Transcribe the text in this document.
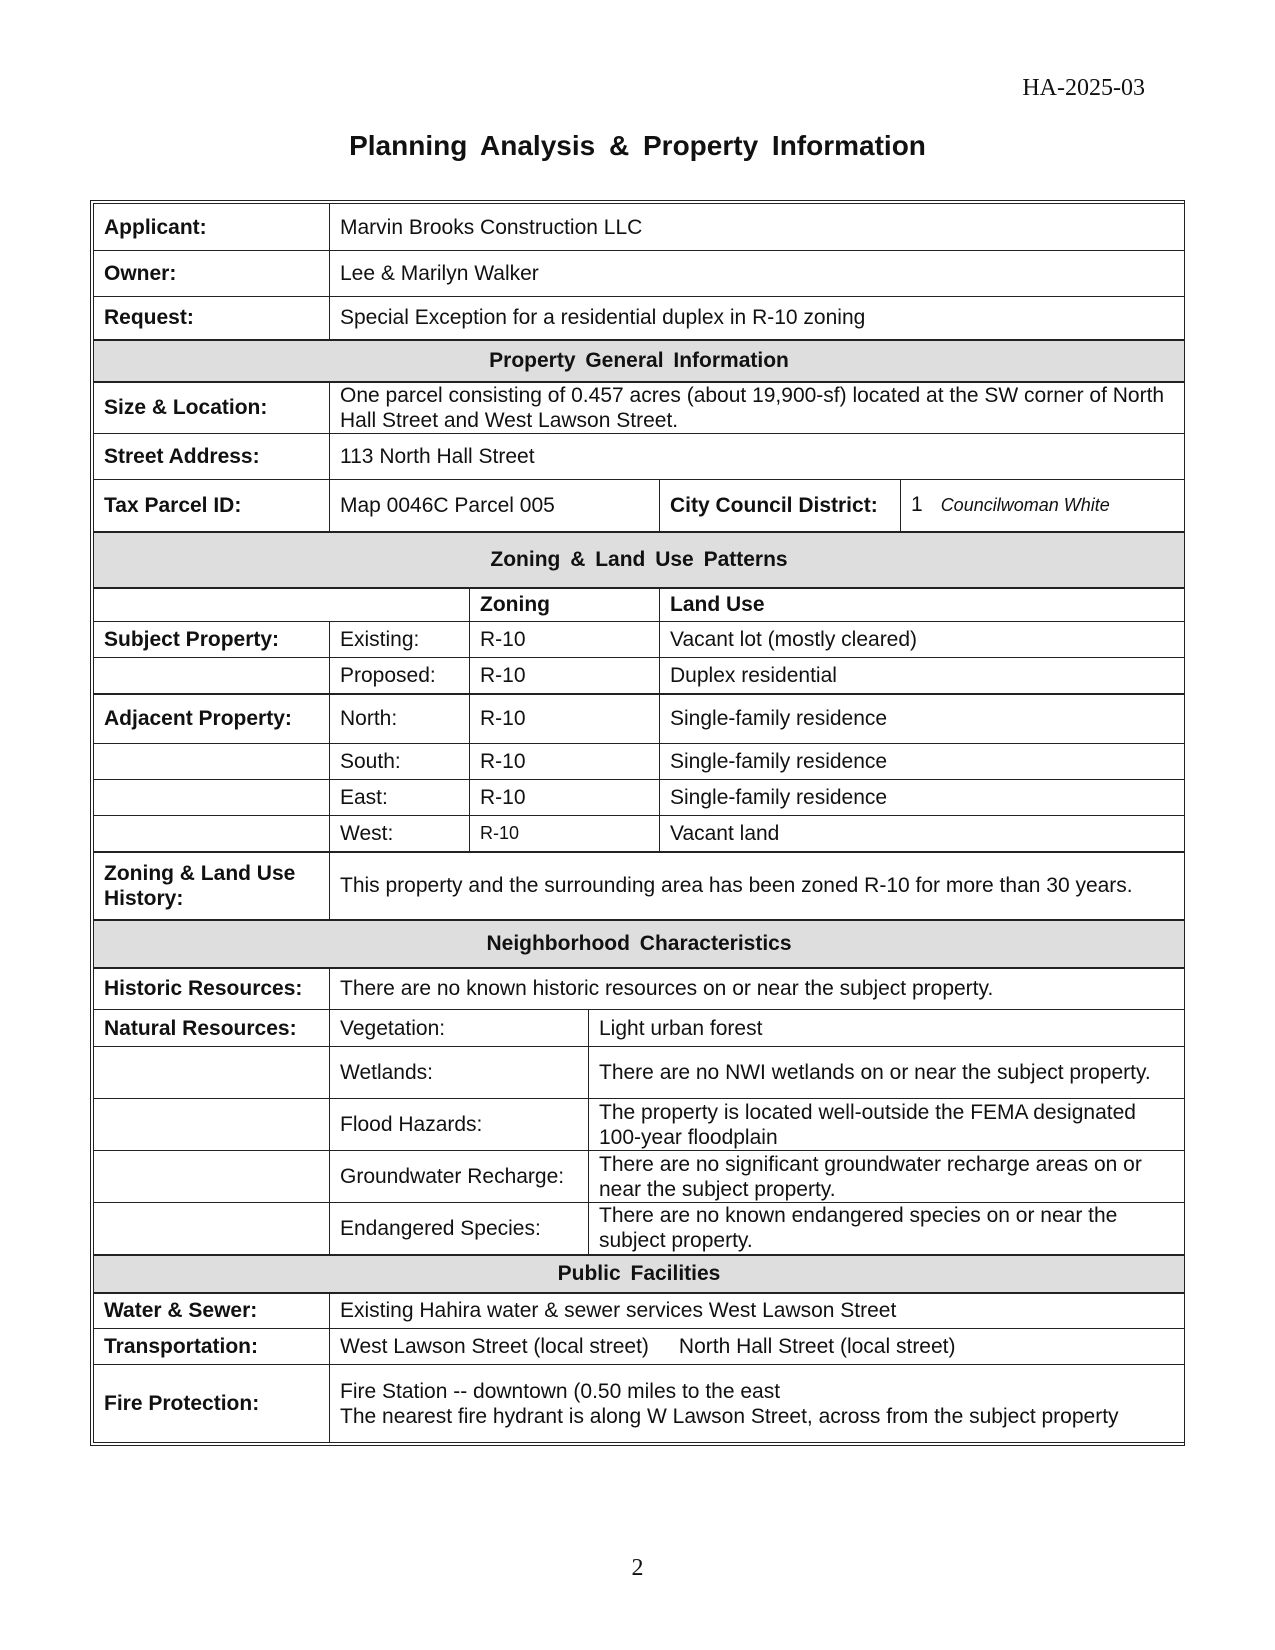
HA-2025-03
Planning Analysis & Property Information
Applicant:	Marvin Brooks Construction LLC				
Owner:	Lee & Marilyn Walker				
Request:	Special Exception for a residential duplex in R-10 zoning				
Property General Information					
Size & Location:	One parcel consisting of 0.457 acres (about 19,900-sf) located at the SW corner of North Hall Street and West Lawson Street.				
Street Address:	113 North Hall Street				
Tax Parcel ID:	Map 0046C Parcel 005			City Council District:	1 Councilwoman White
Zoning & Land Use Patterns					
		Zoning		Land Use	
Subject Property:	Existing:	R-10		Vacant lot (mostly cleared)	
	Proposed:	R-10		Duplex residential	
Adjacent Property:	North:	R-10		Single-family residence	
	South:	R-10		Single-family residence	
	East:	R-10		Single-family residence	
	West:	R-10		Vacant land	
Zoning & Land Use History:	This property and the surrounding area has been zoned R-10 for more than 30 years.				
Neighborhood Characteristics					
Historic Resources:	There are no known historic resources on or near the subject property.				
Natural Resources:	Vegetation:		Light urban forest		
	Wetlands:		There are no NWI wetlands on or near the subject property.		
	Flood Hazards:		The property is located well-outside the FEMA designated 100-year floodplain		
	Groundwater Recharge:		There are no significant groundwater recharge areas on or near the subject property.		
	Endangered Species:		There are no known endangered species on or near the subject property.		
Public Facilities					
Water & Sewer:	Existing Hahira water & sewer services West Lawson Street				
Transportation:	West Lawson Street (local street) North Hall Street (local street)				
Fire Protection:	Fire Station -- downtown (0.50 miles to the east
The nearest fire hydrant is along W Lawson Street, across from the subject property				
2
